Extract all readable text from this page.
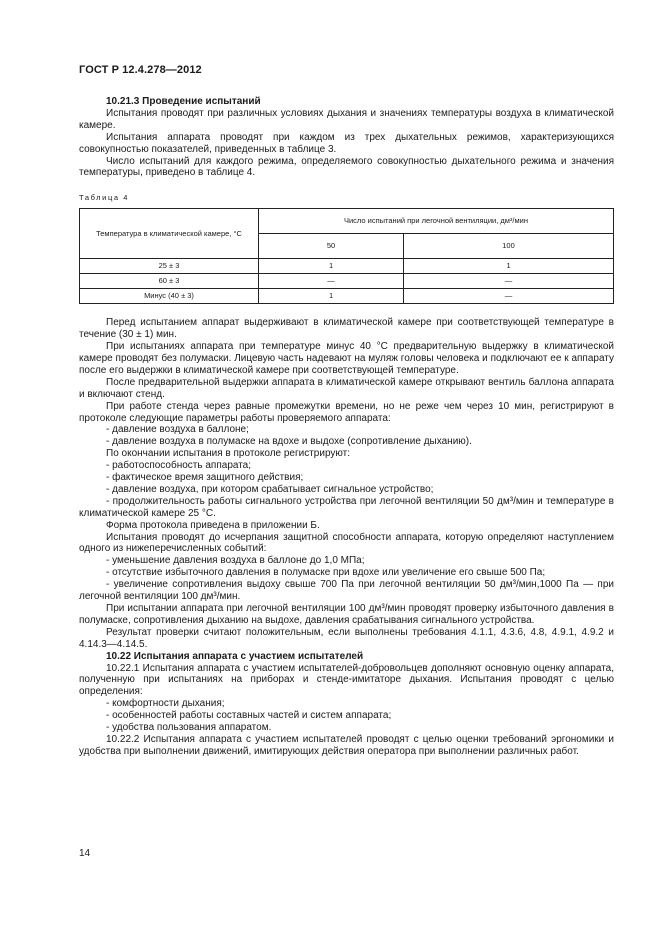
ГОСТ Р 12.4.278—2012
10.21.3 Проведение испытаний

Испытания проводят при различных условиях дыхания и значениях температуры воздуха в климатической камере.

Испытания аппарата проводят при каждом из трех дыхательных режимов, характеризующихся совокупностью показателей, приведенных в таблице 3.

Число испытаний для каждого режима, определяемого совокупностью дыхательного режима и значения температуры, приведено в таблице 4.

Таблица 4
Температура в климатической камере, °С	Число испытаний при легочной вентиляции, дм³/мин	
	50	100
25 ± 3	1	1
60 ± 3	—	—
Минус (40 ± 3)	1	—

Перед испытанием аппарат выдерживают в климатической камере при соответствующей температуре в течение (30 ± 1) мин.

При испытаниях аппарата при температуре минус 40 °С предварительную выдержку в климатической камере проводят без полумаски. Лицевую часть надевают на муляж головы человека и подключают ее к аппарату после его выдержки в климатической камере при соответствующей температуре.

После предварительной выдержки аппарата в климатической камере открывают вентиль баллона аппарата и включают стенд.

При работе стенда через равные промежутки времени, но не реже чем через 10 мин, регистрируют в протоколе следующие параметры работы проверяемого аппарата:

- давление воздуха в баллоне;

- давление воздуха в полумаске на вдохе и выдохе (сопротивление дыханию).

По окончании испытания в протоколе регистрируют:

- работоспособность аппарата;

- фактическое время защитного действия;

- давление воздуха, при котором срабатывает сигнальное устройство;

- продолжительность работы сигнального устройства при легочной вентиляции 50 дм³/мин и температуре в климатической камере 25 °С.

Форма протокола приведена в приложении Б.

Испытания проводят до исчерпания защитной способности аппарата, которую определяют наступлением одного из нижеперечисленных событий:

- уменьшение давления воздуха в баллоне до 1,0 МПа;

- отсутствие избыточного давления в полумаске при вдохе или увеличение его свыше 500 Па;

- увеличение сопротивления выдоху свыше 700 Па при легочной вентиляции 50 дм³/мин,1000 Па — при легочной вентиляции 100 дм³/мин.

При испытании аппарата при легочной вентиляции 100 дм³/мин проводят проверку избыточного давления в полумаске, сопротивления дыханию на выдохе, давления срабатывания сигнального устройства.

Результат проверки считают положительным, если выполнены требования 4.1.1, 4.3.6, 4.8, 4.9.1, 4.9.2 и 4.14.3—4.14.5.

10.22 Испытания аппарата с участием испытателей

10.22.1 Испытания аппарата с участием испытателей-добровольцев дополняют основную оценку аппарата, полученную при испытаниях на приборах и стенде-имитаторе дыхания. Испытания проводят с целью определения:

- комфортности дыхания;

- особенностей работы составных частей и систем аппарата;

- удобства пользования аппаратом.

10.22.2 Испытания аппарата с участием испытателей проводят с целью оценки требований эргономики и удобства при выполнении движений, имитирующих действия оператора при выполнении различных работ.

14
